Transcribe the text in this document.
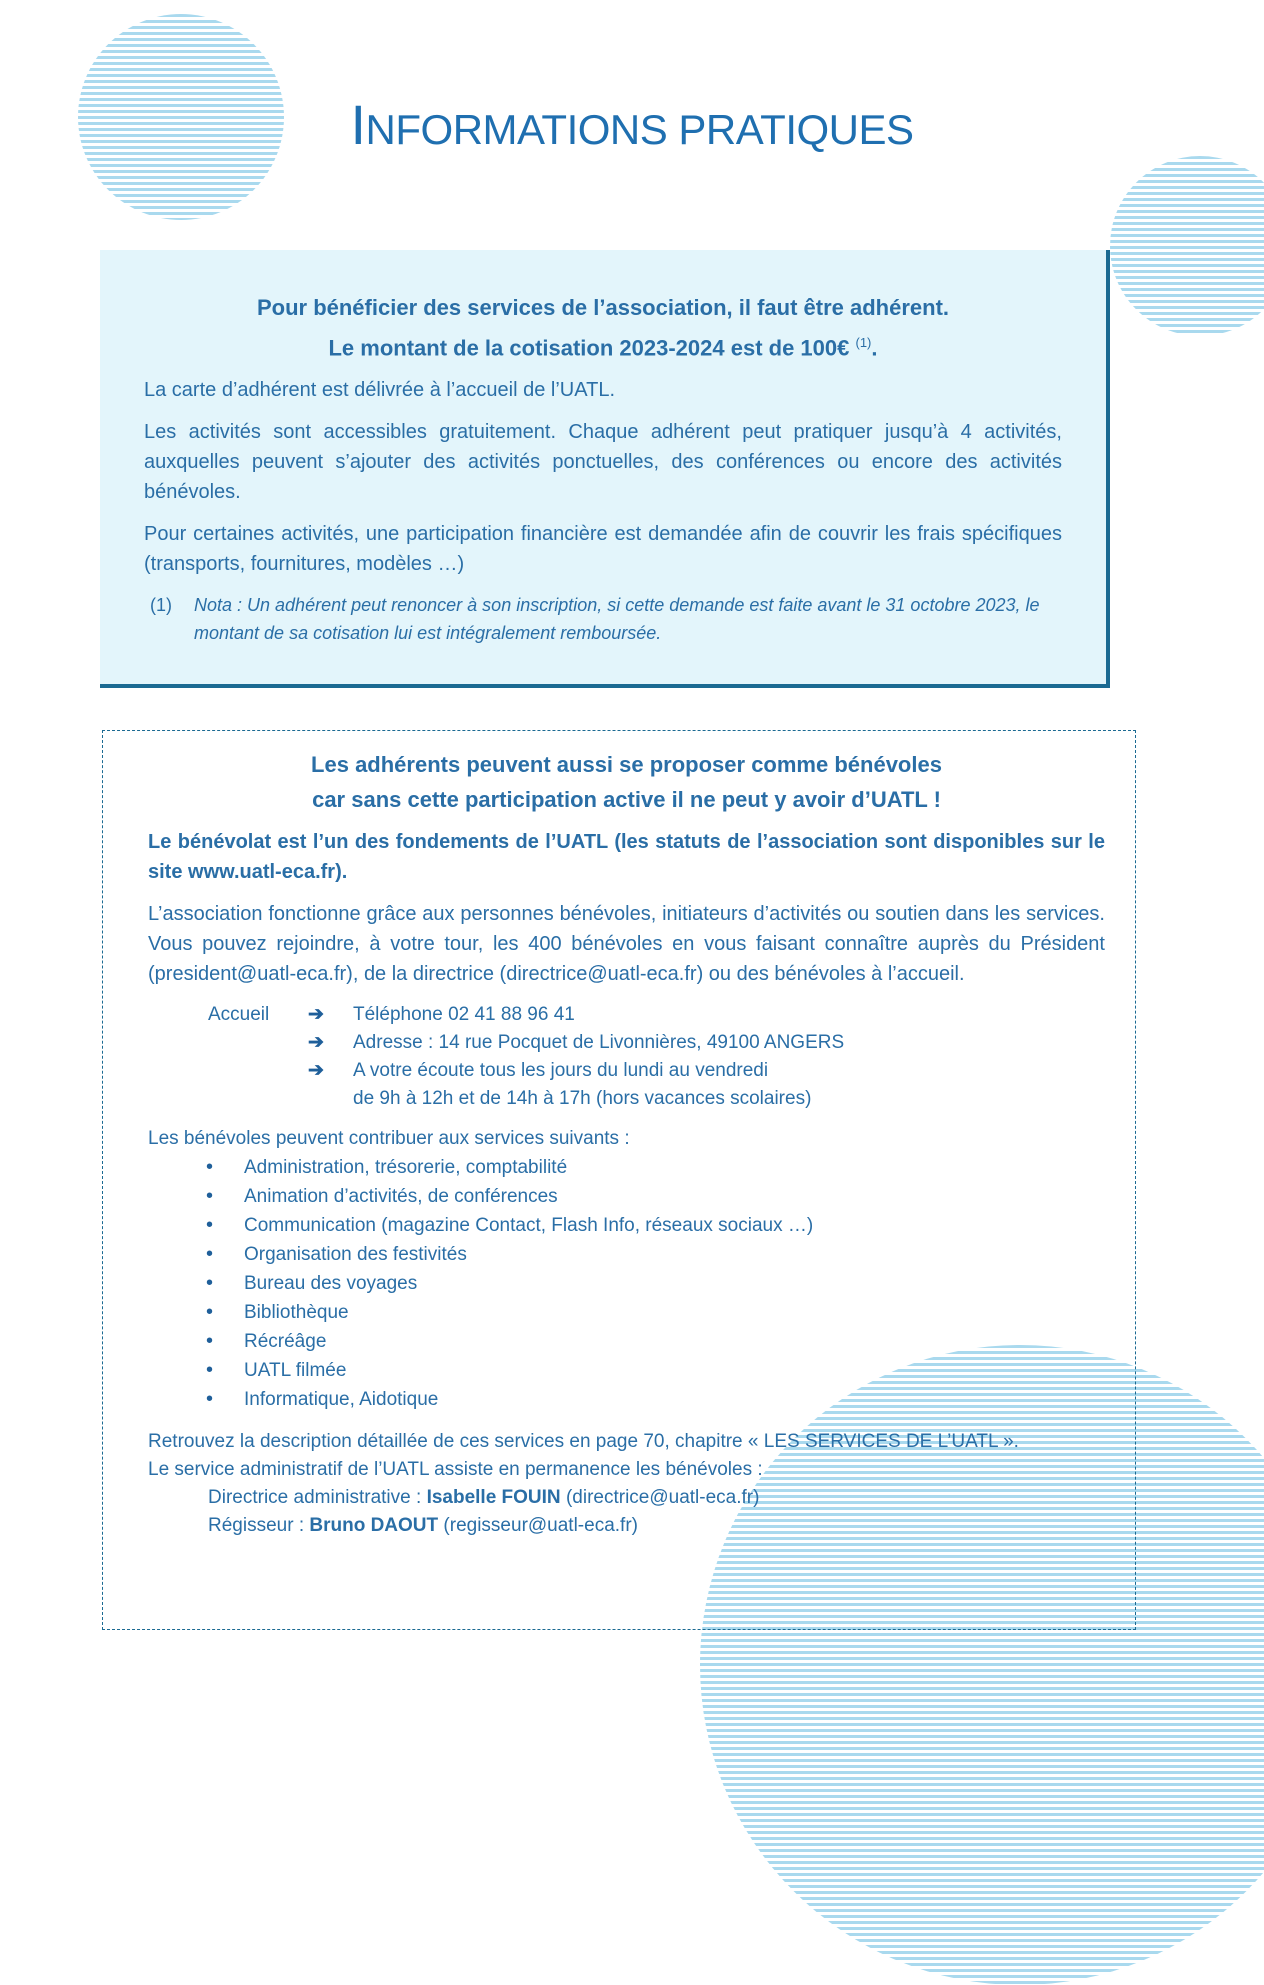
INFORMATIONS PRATIQUES
Pour bénéficier des services de l’association, il faut être adhérent.
Le montant de la cotisation 2023-2024 est de 100€ $^{(1)}$.

La carte d’adhérent est délivrée à l’accueil de l’UATL.

Les activités sont accessibles gratuitement. Chaque adhérent peut pratiquer jusqu’à 4 activités, auxquelles peuvent s’ajouter des activités ponctuelles, des conférences ou encore des activités bénévoles.

Pour certaines activités, une participation financière est demandée afin de couvrir les frais spécifiques (transports, fournitures, modèles …)

(1)	Nota : Un adhérent peut renoncer à son inscription, si cette demande est faite avant le 31 octobre 2023, le montant de sa cotisation lui est intégralement remboursée.
Les adhérents peuvent aussi se proposer comme bénévoles
car sans cette participation active il ne peut y avoir d’UATL !

Le bénévolat est l’un des fondements de l’UATL (les statuts de l’association sont disponibles sur le site www.uatl-eca.fr).

L’association fonctionne grâce aux personnes bénévoles, initiateurs d’activités ou soutien dans les services. Vous pouvez rejoindre, à votre tour, les 400 bénévoles en vous faisant connaître auprès du Président (president@uatl-eca.fr), de la directrice (directrice@uatl-eca.fr) ou des bénévoles à l’accueil.

Accueil	➔	Téléphone 02 41 88 96 41
➔	Adresse : 14 rue Pocquet de Livonnières, 49100 ANGERS
➔	A votre écoute tous les jours du lundi au vendredi
de 9h à 12h et de 14h à 17h (hors vacances scolaires)

Les bénévoles peuvent contribuer aux services suivants :

• Administration, trésorerie, comptabilité
• Animation d’activités, de conférences
• Communication (magazine Contact, Flash Info, réseaux sociaux …)
• Organisation des festivités
• Bureau des voyages
• Bibliothèque
• Récréâge
• UATL filmée
• Informatique, Aidotique

Retrouvez la description détaillée de ces services en page 70, chapitre « LES SERVICES DE L’UATL ».

Le service administratif de l’UATL assiste en permanence les bénévoles :

Directrice administrative : Isabelle FOUIN (directrice@uatl-eca.fr)

Régisseur : Bruno DAOUT (regisseur@uatl-eca.fr)
